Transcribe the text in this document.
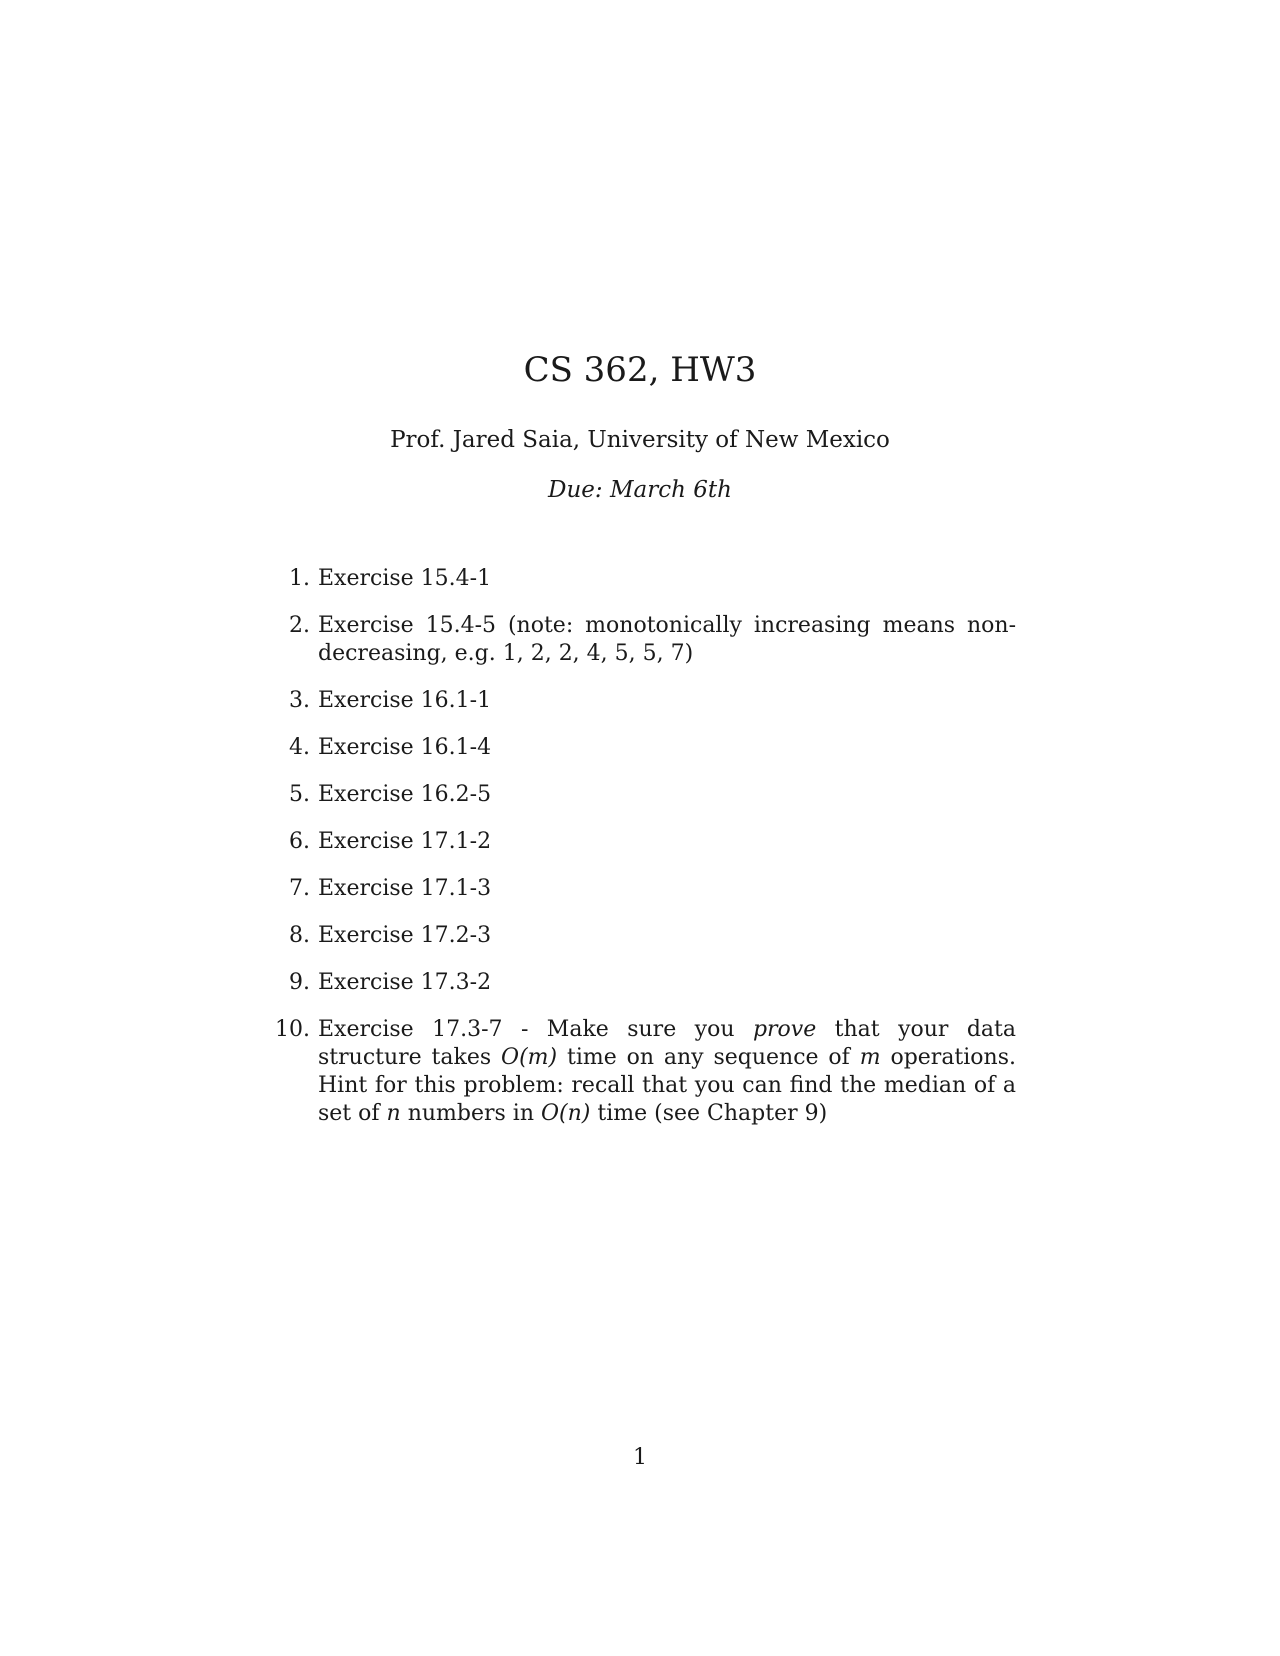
CS 362, HW3
Prof. Jared Saia, University of New Mexico
Due: March 6th
1. Exercise 15.4-1
2. Exercise 15.4-5 (note: monotonically increasing means non-decreasing, e.g. 1, 2, 2, 4, 5, 5, 7)
3. Exercise 16.1-1
4. Exercise 16.1-4
5. Exercise 16.2-5
6. Exercise 17.1-2
7. Exercise 17.1-3
8. Exercise 17.2-3
9. Exercise 17.3-2
10. Exercise 17.3-7 - Make sure you prove that your data structure takes O(m) time on any sequence of m operations. Hint for this problem: recall that you can find the median of a set of n numbers in O(n) time (see Chapter 9)
1
